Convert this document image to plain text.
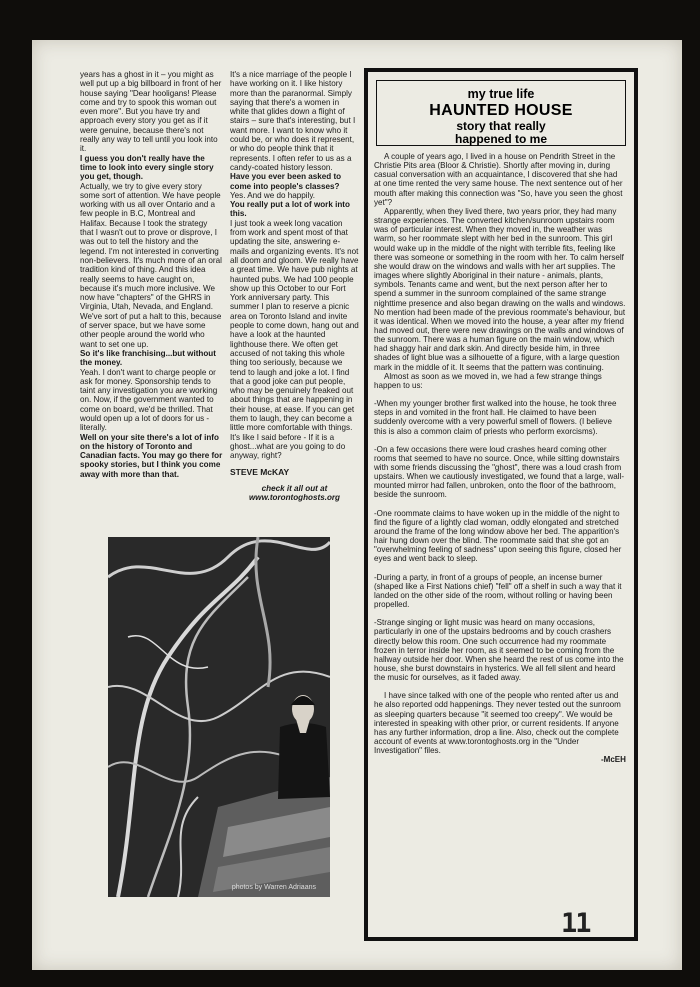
years has a ghost in it – you might as well put up a big billboard in front of her house saying "Dear hooligans! Please come and try to spook this woman out even more". But you have try and approach every story you get as if it were genuine, because there's not really any way to tell until you look into it.

I guess you don't really have the time to look into every single story you get, though.

Actually, we try to give every story some sort of attention. We have people working with us all over Ontario and a few people in B.C, Montreal and Halifax. Because I took the strategy that I wasn't out to prove or disprove, I was out to tell the history and the legend. I'm not interested in converting non-believers. It's much more of an oral tradition kind of thing. And this idea really seems to have caught on, because it's much more inclusive. We now have "chapters" of the GHRS in Virginia, Utah, Nevada, and England. We've sort of put a halt to this, because of server space, but we have some other people around the world who want to set one up.

So it's like franchising...but without the money.

Yeah. I don't want to charge people or ask for money. Sponsorship tends to taint any investigation you are working on. Now, if the government wanted to come on board, we'd be thrilled. That would open up a lot of doors for us - literally.

Well on your site there's a lot of info on the history of Toronto and Canadian facts. You may go there for spooky stories, but I think you come away with more than that.

It's a nice marriage of the people I have working on it. I like history more than the paranormal. Simply saying that there's a women in white that glides down a flight of stairs – sure that's interesting, but I want more. I want to know who it could be, or who does it represent, or who do people think that it represents. I often refer to us as a candy-coated history lesson.

Have you ever been asked to come into people's classes?

Yes. And we do happily.

You really put a lot of work into this.

I just took a week long vacation from work and spent most of that updating the site, answering e-mails and organizing events. It's not all doom and gloom. We really have a great time. We have pub nights at haunted pubs. We had 100 people show up this October to our Fort York anniversary party. This summer I plan to reserve a picnic area on Toronto Island and invite people to come down, hang out and have a look at the haunted lighthouse there. We often get accused of not taking this whole thing too seriously, because we tend to laugh and joke a lot. I find that a good joke can put people, who may be genuinely freaked out about things that are happening in their house, at ease. If you can get them to laugh, they can become a little more comfortable with things. It's like I said before - If it is a ghost...what are you going to do anyway, right?

STEVE McKAY

check it all out at
www.torontoghosts.org

photos by Warren Adriaans
my true life
HAUNTED HOUSE
story that really
happened to me

A couple of years ago, I lived in a house on Pendrith Street in the Christie Pits area (Bloor & Christie). Shortly after moving in, during casual conversation with an acquaintance, I discovered that she had at one time rented the very same house. The next sentence out of her mouth after making this connection was "So, have you seen the ghost yet"?

Apparently, when they lived there, two years prior, they had many strange experiences. The converted kitchen/sunroom upstairs room was of particular interest. When they moved in, the weather was warm, so her roommate slept with her bed in the sunroom. This girl would wake up in the middle of the night with terrible fits, feeling like there was someone or something in the room with her. To calm herself she would draw on the windows and walls with her art supplies. The images where slightly Aboriginal in their nature - animals, plants, symbols. Tenants came and went, but the next person after her to spend a summer in the sunroom complained of the same strange nighttime presence and also began drawing on the walls and windows. No mention had been made of the previous roommate's behaviour, but it was identical. When we moved into the house, a year after my friend had moved out, there were new drawings on the walls and windows of the sunroom. There was a human figure on the main window, which had shaggy hair and dark skin. And directly beside him, in three shades of light blue was a silhouette of a figure, with a large question mark in the middle of it. It seems that the pattern was continuing.

Almost as soon as we moved in, we had a few strange things happen to us:

-When my younger brother first walked into the house, he took three steps in and vomited in the front hall. He claimed to have been suddenly overcome with a very powerful smell of flowers. (I believe this is also a common claim of priests who perform exorcisms).

-On a few occasions there were loud crashes heard coming other rooms that seemed to have no source. Once, while sitting downstairs with some friends discussing the "ghost", there was a loud crash from upstairs. When we cautiously investigated, we found that a large, wall-mounted mirror had fallen, unbroken, onto the floor of the bathroom, beside the sunroom.

-One roommate claims to have woken up in the middle of the night to find the figure of a lightly clad woman, oddly elongated and stretched around the frame of the long window above her bed. The apparition's hair hung down over the blind. The roommate said that she got an "overwhelming feeling of sadness" upon seeing this figure, closed her eyes and went back to sleep.

-During a party, in front of a groups of people, an incense burner (shaped like a First Nations chief) "fell" off a shelf in such a way that it landed on the other side of the room, without rolling or having been propelled.

-Strange singing or light music was heard on many occasions, particularly in one of the upstairs bedrooms and by couch crashers directly below this room. One such occurrence had my roommate frozen in terror inside her room, as it seemed to be coming from the hallway outside her door. When she heard the rest of us come into the house, she burst downstairs in hysterics. We all fell silent and heard the music for ourselves, as it faded away.

I have since talked with one of the people who rented after us and he also reported odd happenings. They never tested out the sunroom as sleeping quarters because "it seemed too creepy". We would be interested in speaking with other prior, or current residents. If anyone has any further information, drop a line. Also, check out the complete account of events at www.torontoghosts.org in the "Under Investigation" files.

-McEH

11
